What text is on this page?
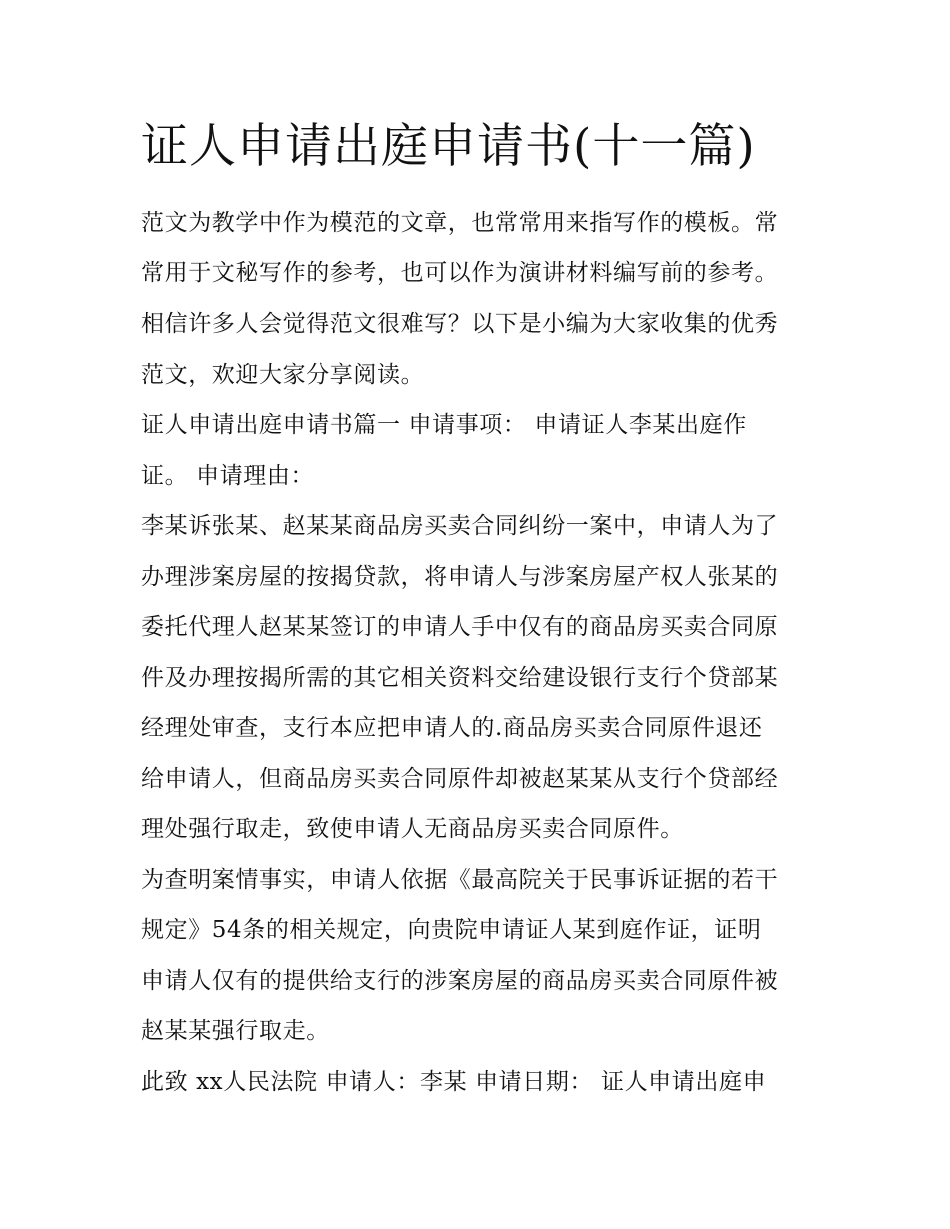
证人申请出庭申请书(十一篇)

范文为教学中作为模范的文章，也常常用来指写作的模板。常

常用于文秘写作的参考，也可以作为演讲材料编写前的参考。

相信许多人会觉得范文很难写？以下是小编为大家收集的优秀

范文，欢迎大家分享阅读。

证人申请出庭申请书篇一 申请事项： 申请证人李某出庭作

证。 申请理由：

李某诉张某、赵某某商品房买卖合同纠纷一案中，申请人为了

办理涉案房屋的按揭贷款，将申请人与涉案房屋产权人张某的

委托代理人赵某某签订的申请人手中仅有的商品房买卖合同原

件及办理按揭所需的其它相关资料交给建设银行支行个贷部某

经理处审查，支行本应把申请人的.商品房买卖合同原件退还

给申请人，但商品房买卖合同原件却被赵某某从支行个贷部经

理处强行取走，致使申请人无商品房买卖合同原件。

为查明案情事实，申请人依据《最高院关于民事诉证据的若干

规定》54条的相关规定，向贵院申请证人某到庭作证，证明

申请人仅有的提供给支行的涉案房屋的商品房买卖合同原件被

赵某某强行取走。

此致 xx人民法院 申请人：李某 申请日期： 证人申请出庭申
